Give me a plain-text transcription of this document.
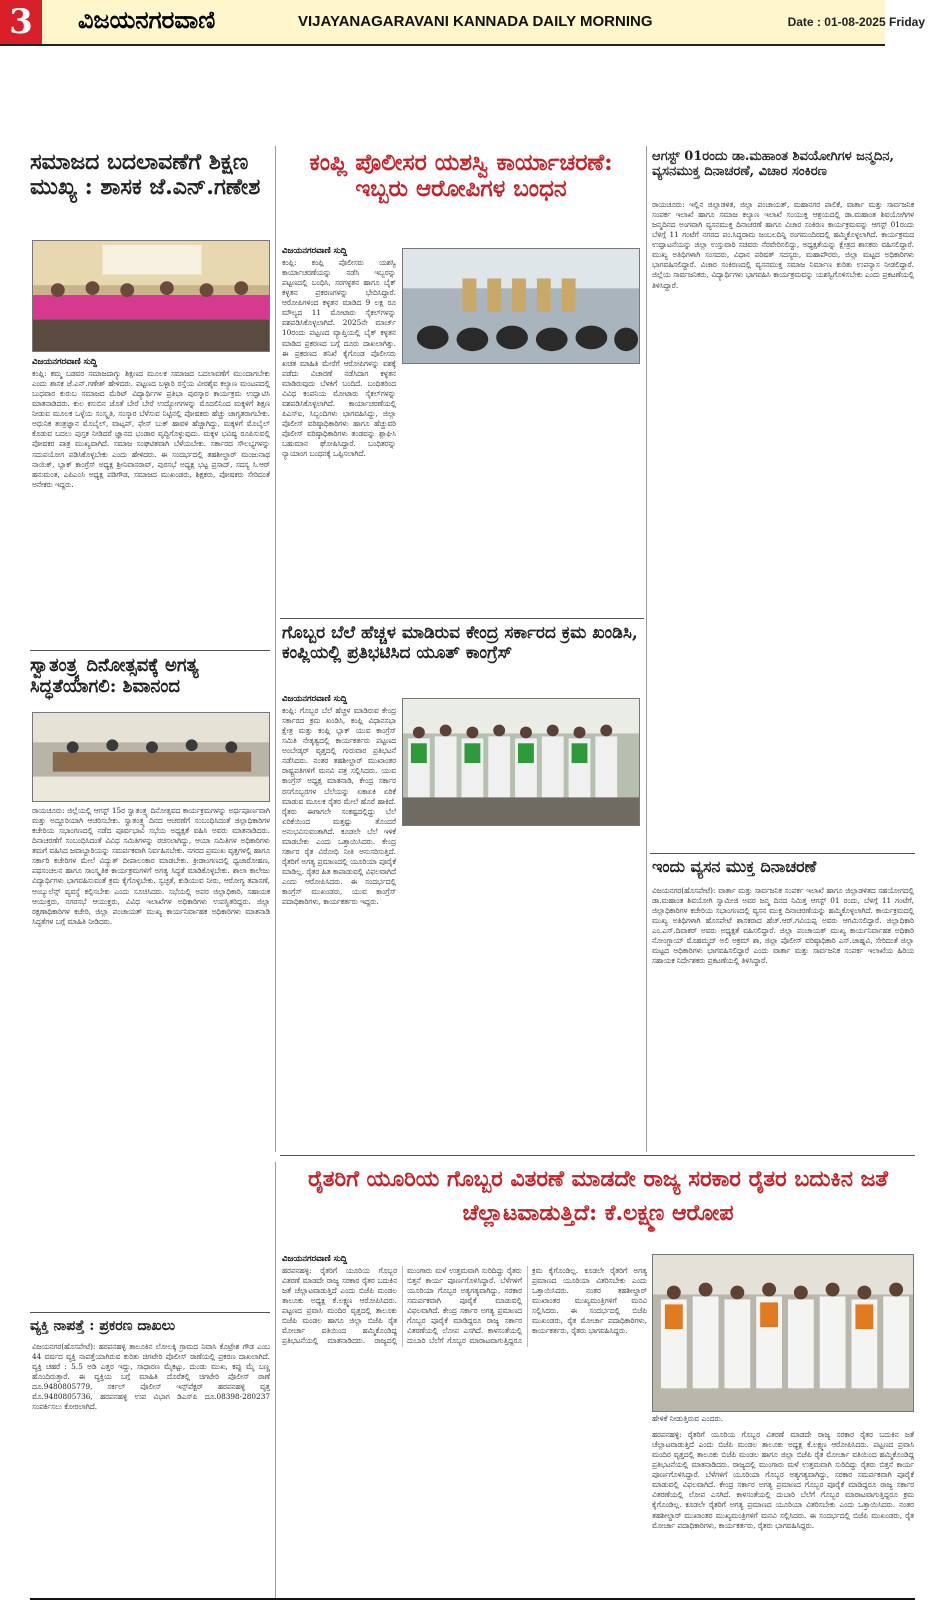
3	ವಿಜಯನಗರವಾಣಿ	VIJAYANAGARAVANI KANNADA DAILY MORNING	Date : 01-08-2025 Friday
ಸಮಾಜದ ಬದಲಾವಣೆಗೆ ಶಿಕ್ಷಣ ಮುಖ್ಯ : ಶಾಸಕ ಜೆ.ಎನ್.ಗಣೇಶ
ವಿಜಯನಗರವಾಣಿ ಸುದ್ದಿ

ಕಂಪ್ಲಿ: ಕಮ್ಮ ಬಡವರ ಸಮಾಜದಾಗ್ಯು ಶಿಕ್ಷಣದ ಮೂಲಕ ಸಮಾಜದ ಬದಲಾವಣೆಗೆ ಮುಂದಾಗಬೇಕು ಎಂದು ಶಾಸಕ ಜೆ.ಎನ್.ಗಣೇಶ್ ಹೇಳಿದರು. ಪಟ್ಟಣದ ಬಳ್ಳಾರಿ ರಸ್ತೆಯ ವೀರಶೈವ ಕಲ್ಯಾಣ ಮಂಟಪದಲ್ಲಿ ಬುಧವಾರ ಕುರುಬ ಸಮಾಜದ ಮೆರಿಟ್ ವಿದ್ಯಾರ್ಥಿಗಳ ಪ್ರತಿಭಾ ಪುರಸ್ಕಾರ ಕಾರ್ಯಕ್ರಮ ಉದ್ಘಾಟಿಸಿ ಮಾತನಾಡಿದರು. ಕುಲ ಕಸುಬಿನ ಜೊತೆ ಬೇರೆ ಬೇರೆ ಉದ್ಯೋಗಗಳನ್ನು ಮೊದಲಿನಿಂದ ಮಕ್ಕಳಿಗೆ ಶಿಕ್ಷಣ ನೀಡುವ ಮೂಲಕ ಒಳ್ಳೆಯ ಸಂಸ್ಕೃತಿ, ಸಂಸ್ಕಾರ ಬೆಳೆಸುವ ನಿಟ್ಟಿನಲ್ಲಿ ಪೋಷಕರು ಹೆಚ್ಚು ಜಾಗೃತರಾಗಬೇಕು. ಅಧುನಿಕ ತಂತ್ರಜ್ಞಾನ ಮೊಬೈಲ್, ವಾಟ್ಸಪ್, ಫೇಸ್ ಬುಕ್ ಹಾವಳಿ ಹೆಚ್ಚಾಗಿದ್ದು, ಮಕ್ಕಳಿಗೆ ಮೊಬೈಲ್ ಕೊಡುವ ಬದಲು ಪುಸ್ತಕ ನೀಡಿದರೆ ಜ್ಞಾನದ ಭಂಡಾರ ವೃದ್ಧಿಗೊಳ್ಳುವುದು. ಮಕ್ಕಳ ಭವಿಷ್ಯ ರೂಪಿಸುವಲ್ಲಿ ಪೋಷಕರ ಪಾತ್ರ ಮುಖ್ಯವಾಗಿದೆ. ಸಮಾಜ ಸಂಘಟಿತವಾಗಿ ಬೆಳೆಯಬೇಕು. ಸರ್ಕಾರದ ಸೌಲಭ್ಯಗಳನ್ನು ಸದುಪಯೋಗ ಪಡಿಸಿಕೊಳ್ಳಬೇಕು ಎಂದು ಹೇಳಿದರು. ಈ ಸಂದರ್ಭದಲ್ಲಿ ತಹಶೀಲ್ದಾರ್ ಮಂಜುನಾಥ ನಾಯಿಕ್, ಬ್ಲಾಕ್ ಕಾಂಗ್ರೆಸ್ ಅಧ್ಯಕ್ಷ ಶ್ರೀನಿವಾಸರಾವ್, ಪುರಸಭೆ ಅಧ್ಯಕ್ಷ ಭಟ್ಟ ಪ್ರಸಾದ್, ಸದಸ್ಯ ಸಿ.ಆರ್ ಹನುಮಂತ, ಎಪಿಎಂಸಿ ಅಧ್ಯಕ್ಷ ಪಡಿಗೌಡ, ಸಮಾಜದ ಮುಖಂಡರು, ಶಿಕ್ಷಕರು, ಪೋಷಕರು ಸೇರಿದಂತೆ ಅನೇಕರು ಇದ್ದರು.

ಸ್ವಾತಂತ್ರ್ಯ ದಿನೋತ್ಸವಕ್ಕೆ ಅಗತ್ಯ ಸಿದ್ಧತೆಯಾಗಲಿ: ಶಿವಾನಂದ

ರಾಯಚೂರು: ಜಿಲ್ಲೆಯಲ್ಲಿ ಆಗಸ್ಟ್ 15ರ ಸ್ವಾತಂತ್ರ್ಯ ದಿನೋತ್ಸವದ ಕಾರ್ಯಕ್ರಮಗಳನ್ನು ಅರ್ಥಪೂರ್ಣವಾಗಿ ಮತ್ತು ಅದ್ದೂರಿಯಾಗಿ ಆಚರಿಸಬೇಕು. ಸ್ವಾತಂತ್ರ್ಯ ದಿನದ ಆಚರಣೆಗೆ ಸಂಬಂಧಿಸಿದಂತೆ ಜಿಲ್ಲಾಧಿಕಾರಿಗಳ ಕಚೇರಿಯ ಸಭಾಂಗಣದಲ್ಲಿ ನಡೆದ ಪೂರ್ವಭಾವಿ ಸಭೆಯ ಅಧ್ಯಕ್ಷತೆ ವಹಿಸಿ ಅವರು ಮಾತನಾಡಿದರು. ದಿನಾಚರಣೆಗೆ ಸಂಬಂಧಿಸಿದಂತೆ ವಿವಿಧ ಸಮಿತಿಗಳನ್ನು ರಚಿಸಲಾಗಿದ್ದು, ಆಯಾ ಸಮಿತಿಗಳ ಅಧಿಕಾರಿಗಳು ತಮಗೆ ವಹಿಸಿದ ಜವಾಬ್ದಾರಿಯನ್ನು ಸಮರ್ಪಕವಾಗಿ ನಿರ್ವಹಿಸಬೇಕು. ನಗರದ ಪ್ರಮುಖ ವೃತ್ತಗಳಲ್ಲಿ ಹಾಗೂ ಸರ್ಕಾರಿ ಕಚೇರಿಗಳ ಮೇಲೆ ವಿದ್ಯುತ್ ದೀಪಾಲಂಕಾರ ಮಾಡಬೇಕು. ಕ್ರೀಡಾಂಗಣದಲ್ಲಿ ಧ್ವಜಾರೋಹಣ, ಪಥಸಂಚಲನ ಹಾಗೂ ಸಾಂಸ್ಕೃತಿಕ ಕಾರ್ಯಕ್ರಮಗಳಿಗೆ ಅಗತ್ಯ ಸಿದ್ಧತೆ ಮಾಡಿಕೊಳ್ಳಬೇಕು. ಶಾಲಾ ಕಾಲೇಜು ವಿದ್ಯಾರ್ಥಿಗಳು ಭಾಗವಹಿಸುವಂತೆ ಕ್ರಮ ಕೈಗೊಳ್ಳಬೇಕು. ಸ್ವಚ್ಛತೆ, ಕುಡಿಯುವ ನೀರು, ಆರೋಗ್ಯ ತಪಾಸಣೆ, ಆಂಬ್ಯುಲೆನ್ಸ್ ವ್ಯವಸ್ಥೆ ಕಲ್ಪಿಸಬೇಕು ಎಂದು ಸೂಚಿಸಿದರು. ಸಭೆಯಲ್ಲಿ ಅಪರ ಜಿಲ್ಲಾಧಿಕಾರಿ, ಸಹಾಯಕ ಆಯುಕ್ತರು, ನಗರಸಭೆ ಆಯುಕ್ತರು, ವಿವಿಧ ಇಲಾಖೆಗಳ ಅಧಿಕಾರಿಗಳು ಉಪಸ್ಥಿತರಿದ್ದರು. ಜಿಲ್ಲಾ ರಕ್ಷಣಾಧಿಕಾರಿಗಳ ಕಚೇರಿ, ಜಿಲ್ಲಾ ಪಂಚಾಯತ್ ಮುಖ್ಯ ಕಾರ್ಯನಿರ್ವಾಹಕ ಅಧಿಕಾರಿಗಳು ಮಾತನಾಡಿ ಸಿದ್ಧತೆಗಳ ಬಗ್ಗೆ ಮಾಹಿತಿ ನೀಡಿದರು.

ವ್ಯಕ್ತಿ ನಾಪತ್ತೆ : ಪ್ರಕರಣ ದಾಖಲು

ವಿಜಯನಗರ(ಹೊಸಪೇಟೆ): ಹರಪನಹಳ್ಳಿ ತಾಲೂಕಿನ ಲೋಲಕ್ಕಿ ಗ್ರಾಮದ ನಿವಾಸಿ ಕೊಟ್ರೇಶ ಗೌಡ ಎಂಬ 44 ವರ್ಷದ ವ್ಯಕ್ತಿ ನಾಪತ್ತೆಯಾಗಿರುವ ಕುರಿತು ಚಿಗಟೇರಿ ಪೊಲೀಸ್ ಠಾಣೆಯಲ್ಲಿ ಪ್ರಕರಣ ದಾಖಲಾಗಿದೆ. ವ್ಯಕ್ತಿ ಚಹರೆ : 5.5 ಅಡಿ ಎತ್ತರ ಇದ್ದು, ಸಾಧಾರಣ ಮೈಕಟ್ಟು, ದುಂಡು ಮುಖ, ಕಪ್ಪು ಮೈ ಬಣ್ಣ ಹೊಂದಿರುತ್ತಾರೆ. ಈ ವ್ಯಕ್ತಿಯ ಬಗ್ಗೆ ಮಾಹಿತಿ ದೊರೆತಲ್ಲಿ ಚಿಗಟೇರಿ ಪೊಲೀಸ್ ಠಾಣೆ ದೂ.9480805779, ಸರ್ಕಲ್ ಪೊಲೀಸ್ ಇನ್ಸ್‌ಪೆಕ್ಟರ್ ಹರಪನಹಳ್ಳಿ ವೃತ್ತ ಮೊ.9480805736, ಹರಪನಹಳ್ಳಿ ಉಪ ವಿಭಾಗ ಡಿಎಸ್‌ಪಿ ದೂ.08398-280237 ಸಂಪರ್ಕಿಸಲು ಕೋರಲಾಗಿದೆ.

ಕಂಪ್ಲಿ ಪೊಲೀಸರ ಯಶಸ್ವಿ ಕಾರ್ಯಾಚರಣೆ: ಇಬ್ಬರು ಆರೋಪಿಗಳ ಬಂಧನ
ವಿಜಯನಗರವಾಣಿ ಸುದ್ದಿ

ಕಂಪ್ಲಿ: ಕಂಪ್ಲಿ ಪೊಲೀಸರು ಯಶಸ್ವಿ ಕಾರ್ಯಾಚರಣೆಯನ್ನು ನಡೆಸಿ ಇಬ್ಬರನ್ನು ಪಟ್ಟಣದಲ್ಲಿ ಬಂಧಿಸಿ, ಸರಗಳ್ಳತನ ಹಾಗೂ ಬೈಕ್ ಕಳ್ಳತನ ಪ್ರಕರಣಗಳನ್ನು ಭೇದಿಸಿದ್ದಾರೆ. ಆರೋಪಿಗಳಿಂದ ಕಳ್ಳತನ ಮಾಡಿದ 9 ಲಕ್ಷ ರೂ ಮೌಲ್ಯದ 11 ಮೋಟಾರು ಸೈಕಲ್‌ಗಳನ್ನು ವಶಪಡಿಸಿಕೊಳ್ಳಲಾಗಿದೆ. 2025ನೇ ಮಾರ್ಚ್ 10ರಂದು ಪಟ್ಟಣದ ವ್ಯಾಪ್ತಿಯಲ್ಲಿ ಬೈಕ್ ಕಳ್ಳತನ ಮಾಡಿದ ಪ್ರಕರಣದ ಬಗ್ಗೆ ದೂರು ದಾಖಲಾಗಿತ್ತು. ಈ ಪ್ರಕರಣದ ತನಿಖೆ ಕೈಗೊಂಡ ಪೊಲೀಸರು ಖಚಿತ ಮಾಹಿತಿ ಮೇರೆಗೆ ಆರೋಪಿಗಳನ್ನು ವಶಕ್ಕೆ ಪಡೆದು ವಿಚಾರಣೆ ನಡೆಸಿದಾಗ ಕಳ್ಳತನ ಮಾಡಿರುವುದು ಬೆಳಕಿಗೆ ಬಂದಿದೆ. ಬಂಧಿತರಿಂದ ವಿವಿಧ ಕಂಪನಿಯ ಮೋಟಾರು ಸೈಕಲ್‌ಗಳನ್ನು ವಶಪಡಿಸಿಕೊಳ್ಳಲಾಗಿದೆ. ಕಾರ್ಯಾಚರಣೆಯಲ್ಲಿ ಪಿಎಸ್‌ಐ, ಸಿಬ್ಬಂದಿಗಳು ಭಾಗವಹಿಸಿದ್ದು, ಜಿಲ್ಲಾ ಪೊಲೀಸ್ ವರಿಷ್ಠಾಧಿಕಾರಿಗಳು ಹಾಗೂ ಹೆಚ್ಚುವರಿ ಪೊಲೀಸ್ ವರಿಷ್ಠಾಧಿಕಾರಿಗಳು ತಂಡವನ್ನು ಶ್ಲಾಘಿಸಿ ಬಹುಮಾನ ಘೋಷಿಸಿದ್ದಾರೆ. ಬಂಧಿತರನ್ನು ನ್ಯಾಯಾಂಗ ಬಂಧನಕ್ಕೆ ಒಪ್ಪಿಸಲಾಗಿದೆ.

ಗೊಬ್ಬರ ಬೆಲೆ ಹೆಚ್ಚಳ ಮಾಡಿರುವ ಕೇಂದ್ರ ಸರ್ಕಾರದ ಕ್ರಮ ಖಂಡಿಸಿ, ಕಂಪ್ಲಿಯಲ್ಲಿ ಪ್ರತಿಭಟಿಸಿದ ಯೂತ್ ಕಾಂಗ್ರೆಸ್
ವಿಜಯನಗರವಾಣಿ ಸುದ್ದಿ

ಕಂಪ್ಲಿ: ಗೊಬ್ಬರ ಬೆಲೆ ಹೆಚ್ಚಳ ಮಾಡಿರುವ ಕೇಂದ್ರ ಸರ್ಕಾರದ ಕ್ರಮ ಖಂಡಿಸಿ, ಕಂಪ್ಲಿ ವಿಧಾನಸಭಾ ಕ್ಷೇತ್ರ ಮತ್ತು ಕಂಪ್ಲಿ ಬ್ಲಾಕ್ ಯುವ ಕಾಂಗ್ರೆಸ್ ಸಮಿತಿ ನೇತೃತ್ವದಲ್ಲಿ ಕಾರ್ಯಕರ್ತರು ಪಟ್ಟಣದ ಅಂಬೇಡ್ಕರ್ ವೃತ್ತದಲ್ಲಿ ಗುರುವಾರ ಪ್ರತಿಭಟನೆ ನಡೆಸಿದರು. ನಂತರ ತಹಶೀಲ್ದಾರ್ ಮುಖಾಂತರ ರಾಷ್ಟ್ರಪತಿಗಳಿಗೆ ಮನವಿ ಪತ್ರ ಸಲ್ಲಿಸಿದರು. ಯುವ ಕಾಂಗ್ರೆಸ್ ಅಧ್ಯಕ್ಷ ಮಾತನಾಡಿ, ಕೇಂದ್ರ ಸರ್ಕಾರ ರಸಗೊಬ್ಬರಗಳ ಬೆಲೆಯನ್ನು ಏಕಾಏಕಿ ಏರಿಕೆ ಮಾಡುವ ಮೂಲಕ ರೈತರ ಮೇಲೆ ಹೊರೆ ಹಾಕಿದೆ. ರೈತರು ಈಗಾಗಲೇ ಸಂಕಷ್ಟದಲ್ಲಿದ್ದು ಬೆಲೆ ಏರಿಕೆಯಿಂದ ಮತ್ತಷ್ಟು ತೊಂದರೆ ಅನುಭವಿಸುವಂತಾಗಿದೆ. ಕೂಡಲೇ ಬೆಲೆ ಇಳಿಕೆ ಮಾಡಬೇಕು ಎಂದು ಒತ್ತಾಯಿಸಿದರು. ಕೇಂದ್ರ ಸರ್ಕಾರ ರೈತ ವಿರೋಧಿ ನೀತಿ ಅನುಸರಿಸುತ್ತಿದೆ. ರೈತರಿಗೆ ಅಗತ್ಯ ಪ್ರಮಾಣದಲ್ಲಿ ಯೂರಿಯಾ ಪೂರೈಕೆ ಮಾಡಿಲ್ಲ. ರೈತರ ಹಿತ ಕಾಪಾಡುವಲ್ಲಿ ವಿಫಲವಾಗಿದೆ ಎಂದು ಆರೋಪಿಸಿದರು. ಈ ಸಂದರ್ಭದಲ್ಲಿ ಕಾಂಗ್ರೆಸ್ ಮುಖಂಡರು, ಯುವ ಕಾಂಗ್ರೆಸ್ ಪದಾಧಿಕಾರಿಗಳು, ಕಾರ್ಯಕರ್ತರು ಇದ್ದರು.

ಆಗಸ್ಟ್ 01ರಂದು ಡಾ.ಮಹಾಂತ ಶಿವಯೋಗಿಗಳ ಜನ್ಮದಿನ, ವ್ಯಸನಮುಕ್ತ ದಿನಾಚರಣೆ, ವಿಚಾರ ಸಂಕಿರಣ

ರಾಯಚೂರು: ಇಲ್ಲಿನ ಜಿಲ್ಲಾಡಳಿತ, ಜಿಲ್ಲಾ ಪಂಚಾಯತ್, ಮಹಾನಗರ ಪಾಲಿಕೆ, ವಾರ್ತಾ ಮತ್ತು ಸಾರ್ವಜನಿಕ ಸಂಪರ್ಕ ಇಲಾಖೆ ಹಾಗೂ ಸಮಾಜ ಕಲ್ಯಾಣ ಇಲಾಖೆ ಸಂಯುಕ್ತ ಆಶ್ರಯದಲ್ಲಿ ಡಾ.ಮಹಾಂತ ಶಿವಯೋಗಿಗಳ ಜನ್ಮದಿನದ ಅಂಗವಾಗಿ ವ್ಯಸನಮುಕ್ತ ದಿನಾಚರಣೆ ಹಾಗೂ ವಿಚಾರ ಸಂಕಿರಣ ಕಾರ್ಯಕ್ರಮವನ್ನು ಆಗಸ್ಟ್ 01ರಂದು ಬೆಳಿಗ್ಗೆ 11 ಗಂಟೆಗೆ ನಗರದ ಪಂ.ಸಿದ್ಧರಾಮ ಜಂಬಲದಿನ್ನಿ ರಂಗಮಂದಿರದಲ್ಲಿ ಹಮ್ಮಿಕೊಳ್ಳಲಾಗಿದೆ. ಕಾರ್ಯಕ್ರಮದ ಉದ್ಘಾಟನೆಯನ್ನು ಜಿಲ್ಲಾ ಉಸ್ತುವಾರಿ ಸಚಿವರು ನೆರವೇರಿಸಲಿದ್ದು, ಅಧ್ಯಕ್ಷತೆಯನ್ನು ಕ್ಷೇತ್ರದ ಶಾಸಕರು ವಹಿಸಲಿದ್ದಾರೆ. ಮುಖ್ಯ ಅತಿಥಿಗಳಾಗಿ ಸಂಸದರು, ವಿಧಾನ ಪರಿಷತ್ ಸದಸ್ಯರು, ಮಹಾಪೌರರು, ಜಿಲ್ಲಾ ಮಟ್ಟದ ಅಧಿಕಾರಿಗಳು ಭಾಗವಹಿಸಲಿದ್ದಾರೆ. ವಿಚಾರ ಸಂಕಿರಣದಲ್ಲಿ ವ್ಯಸನಮುಕ್ತ ಸಮಾಜ ನಿರ್ಮಾಣ ಕುರಿತು ಉಪನ್ಯಾಸ ನೀಡಲಿದ್ದಾರೆ. ಜಿಲ್ಲೆಯ ಸಾರ್ವಜನಿಕರು, ವಿದ್ಯಾರ್ಥಿಗಳು ಭಾಗವಹಿಸಿ ಕಾರ್ಯಕ್ರಮವನ್ನು ಯಶಸ್ವಿಗೊಳಿಸಬೇಕು ಎಂದು ಪ್ರಕಟಣೆಯಲ್ಲಿ ತಿಳಿಸಿದ್ದಾರೆ.

ಇಂದು ವ್ಯಸನ ಮುಕ್ತ ದಿನಾಚರಣೆ

ವಿಜಯನಗರ(ಹೊಸಪೇಟೆ): ವಾರ್ತಾ ಮತ್ತು ಸಾರ್ವಜನಿಕ ಸಂಪರ್ಕ ಇಲಾಖೆ ಹಾಗೂ ಜಿಲ್ಲಾಡಳಿತದ ಸಹಯೋಗದಲ್ಲಿ ಡಾ.ಮಹಾಂತ ಶಿವಯೋಗಿ ಸ್ವಾಮೀಜಿ ಅವರ ಜನ್ಮ ದಿನದ ನಿಮಿತ್ತ ಆಗಸ್ಟ್ 01 ರಂದು, ಬೆಳಿಗ್ಗೆ 11 ಗಂಟೆಗೆ, ಜಿಲ್ಲಾಧಿಕಾರಿಗಳ ಕಚೇರಿಯ ಸಭಾಂಗಣದಲ್ಲಿ ವ್ಯಸನ ಮುಕ್ತ ದಿನಾಚರಣೆಯನ್ನು ಹಮ್ಮಿಕೊಳ್ಳಲಾಗಿದೆ. ಕಾರ್ಯಕ್ರಮದಲ್ಲಿ ಮುಖ್ಯ ಅತಿಥಿಗಳಾಗಿ ಹೊಸಪೇಟೆ ಶಾಸಕರಾದ ಹೆಚ್.ಆರ್.ಗವಿಯಪ್ಪ ಅವರು ಆಗಮಿಸಲಿದ್ದಾರೆ. ಜಿಲ್ಲಾಧಿಕಾರಿ ಎಂ.ಎಸ್.ದಿವಾಕರ್ ಅವರು ಅಧ್ಯಕ್ಷತೆ ವಹಿಸಲಿದ್ದಾರೆ. ಜಿಲ್ಲಾ ಪಂಚಾಯತ್ ಮುಖ್ಯ ಕಾರ್ಯನಿರ್ವಾಹಕ ಅಧಿಕಾರಿ ನೋಂಗ್ಜಾಯ್ ಮೊಹಮ್ಮದ್ ಅಲಿ ಅಕ್ರಮ್ ಶಾ, ಜಿಲ್ಲಾ ಪೊಲೀಸ್ ವರಿಷ್ಠಾಧಿಕಾರಿ ಎಸ್.ಜಾಹ್ನವಿ, ಸೇರಿದಂತೆ ಜಿಲ್ಲಾ ಮಟ್ಟದ ಅಧಿಕಾರಿಗಳು ಭಾಗವಹಿಸಲಿದ್ದಾರೆ ಎಂದು ವಾರ್ತಾ ಮತ್ತು ಸಾರ್ವಜನಿಕ ಸಂಪರ್ಕ ಇಲಾಖೆಯ ಹಿರಿಯ ಸಹಾಯಕ ನಿರ್ದೇಶಕರು ಪ್ರಕಟಣೆಯಲ್ಲಿ ತಿಳಿಸಿದ್ದಾರೆ.

ರೈತರಿಗೆ ಯೂರಿಯ ಗೊಬ್ಬರ ವಿತರಣೆ ಮಾಡದೇ ರಾಜ್ಯ ಸರಕಾರ ರೈತರ ಬದುಕಿನ ಜತೆ ಚೆಲ್ಲಾಟವಾಡುತ್ತಿದೆ: ಕೆ.ಲಕ್ಷ್ಮಣ ಆರೋಪ
ವಿಜಯನಗರವಾಣಿ ಸುದ್ದಿ

ಹರಪನಹಳ್ಳಿ: ರೈತರಿಗೆ ಯೂರಿಯ ಗೊಬ್ಬರ ವಿತರಣೆ ಮಾಡದೇ ರಾಜ್ಯ ಸರಕಾರ ರೈತರ ಬದುಕಿನ ಜತೆ ಚೆಲ್ಲಾಟವಾಡುತ್ತಿದೆ ಎಂದು ಬಿಜೆಪಿ ಮಂಡಲ ತಾಲೂಕು ಅಧ್ಯಕ್ಷ ಕೆ.ಲಕ್ಷ್ಮಣ ಆರೋಪಿಸಿದರು. ಪಟ್ಟಣದ ಪ್ರವಾಸಿ ಮಂದಿರ ವೃತ್ತದಲ್ಲಿ ತಾಲೂಕು ಬಿಜೆಪಿ ಮಂಡಲ ಹಾಗೂ ಜಿಲ್ಲಾ ಬಿಜೆಪಿ ರೈತ ಮೋರ್ಚಾ ವತಿಯಿಂದ ಹಮ್ಮಿಕೊಂಡಿದ್ದ ಪ್ರತಿಭಟನೆಯಲ್ಲಿ ಮಾತನಾಡಿದರು. ರಾಜ್ಯದಲ್ಲಿ ಮುಂಗಾರು ಮಳೆ ಉತ್ತಮವಾಗಿ ಸುರಿದಿದ್ದು ರೈತರು ಬಿತ್ತನೆ ಕಾರ್ಯ ಪೂರ್ಣಗೊಳಿಸಿದ್ದಾರೆ. ಬೆಳೆಗಳಿಗೆ ಯೂರಿಯಾ ಗೊಬ್ಬರ ಅತ್ಯಗತ್ಯವಾಗಿದ್ದು, ಸರಕಾರ ಸಮರ್ಪಕವಾಗಿ ಪೂರೈಕೆ ಮಾಡುವಲ್ಲಿ ವಿಫಲವಾಗಿದೆ. ಕೇಂದ್ರ ಸರ್ಕಾರ ಅಗತ್ಯ ಪ್ರಮಾಣದ ಗೊಬ್ಬರ ಪೂರೈಕೆ ಮಾಡಿದ್ದರೂ ರಾಜ್ಯ ಸರ್ಕಾರ ವಿತರಣೆಯಲ್ಲಿ ಲೋಪ ಎಸಗಿದೆ. ಕಾಳಸಂತೆಯಲ್ಲಿ ದುಬಾರಿ ಬೆಲೆಗೆ ಗೊಬ್ಬರ ಮಾರಾಟವಾಗುತ್ತಿದ್ದರೂ ಕ್ರಮ ಕೈಗೊಂಡಿಲ್ಲ. ಕೂಡಲೇ ರೈತರಿಗೆ ಅಗತ್ಯ ಪ್ರಮಾಣದ ಯೂರಿಯಾ ವಿತರಿಸಬೇಕು ಎಂದು ಒತ್ತಾಯಿಸಿದರು. ನಂತರ ತಹಶೀಲ್ದಾರ್ ಮುಖಾಂತರ ಮುಖ್ಯಮಂತ್ರಿಗಳಿಗೆ ಮನವಿ ಸಲ್ಲಿಸಿದರು. ಈ ಸಂದರ್ಭದಲ್ಲಿ ಬಿಜೆಪಿ ಮುಖಂಡರು, ರೈತ ಮೋರ್ಚಾ ಪದಾಧಿಕಾರಿಗಳು, ಕಾರ್ಯಕರ್ತರು, ರೈತರು ಭಾಗವಹಿಸಿದ್ದರು.

ಹೇಳಿಕೆ ನೀಡುತ್ತಿರುವ ಎಂದರು.

ಹರಪನಹಳ್ಳಿ: ರೈತರಿಗೆ ಯೂರಿಯ ಗೊಬ್ಬರ ವಿತರಣೆ ಮಾಡದೇ ರಾಜ್ಯ ಸರಕಾರ ರೈತರ ಬದುಕಿನ ಜತೆ ಚೆಲ್ಲಾಟವಾಡುತ್ತಿದೆ ಎಂದು ಬಿಜೆಪಿ ಮಂಡಲ ತಾಲೂಕು ಅಧ್ಯಕ್ಷ ಕೆ.ಲಕ್ಷ್ಮಣ ಆರೋಪಿಸಿದರು. ಪಟ್ಟಣದ ಪ್ರವಾಸಿ ಮಂದಿರ ವೃತ್ತದಲ್ಲಿ ತಾಲೂಕು ಬಿಜೆಪಿ ಮಂಡಲ ಹಾಗೂ ಜಿಲ್ಲಾ ಬಿಜೆಪಿ ರೈತ ಮೋರ್ಚಾ ವತಿಯಿಂದ ಹಮ್ಮಿಕೊಂಡಿದ್ದ ಪ್ರತಿಭಟನೆಯಲ್ಲಿ ಮಾತನಾಡಿದರು. ರಾಜ್ಯದಲ್ಲಿ ಮುಂಗಾರು ಮಳೆ ಉತ್ತಮವಾಗಿ ಸುರಿದಿದ್ದು ರೈತರು ಬಿತ್ತನೆ ಕಾರ್ಯ ಪೂರ್ಣಗೊಳಿಸಿದ್ದಾರೆ. ಬೆಳೆಗಳಿಗೆ ಯೂರಿಯಾ ಗೊಬ್ಬರ ಅತ್ಯಗತ್ಯವಾಗಿದ್ದು, ಸರಕಾರ ಸಮರ್ಪಕವಾಗಿ ಪೂರೈಕೆ ಮಾಡುವಲ್ಲಿ ವಿಫಲವಾಗಿದೆ. ಕೇಂದ್ರ ಸರ್ಕಾರ ಅಗತ್ಯ ಪ್ರಮಾಣದ ಗೊಬ್ಬರ ಪೂರೈಕೆ ಮಾಡಿದ್ದರೂ ರಾಜ್ಯ ಸರ್ಕಾರ ವಿತರಣೆಯಲ್ಲಿ ಲೋಪ ಎಸಗಿದೆ. ಕಾಳಸಂತೆಯಲ್ಲಿ ದುಬಾರಿ ಬೆಲೆಗೆ ಗೊಬ್ಬರ ಮಾರಾಟವಾಗುತ್ತಿದ್ದರೂ ಕ್ರಮ ಕೈಗೊಂಡಿಲ್ಲ. ಕೂಡಲೇ ರೈತರಿಗೆ ಅಗತ್ಯ ಪ್ರಮಾಣದ ಯೂರಿಯಾ ವಿತರಿಸಬೇಕು ಎಂದು ಒತ್ತಾಯಿಸಿದರು. ನಂತರ ತಹಶೀಲ್ದಾರ್ ಮುಖಾಂತರ ಮುಖ್ಯಮಂತ್ರಿಗಳಿಗೆ ಮನವಿ ಸಲ್ಲಿಸಿದರು. ಈ ಸಂದರ್ಭದಲ್ಲಿ ಬಿಜೆಪಿ ಮುಖಂಡರು, ರೈತ ಮೋರ್ಚಾ ಪದಾಧಿಕಾರಿಗಳು, ಕಾರ್ಯಕರ್ತರು, ರೈತರು ಭಾಗವಹಿಸಿದ್ದರು.
